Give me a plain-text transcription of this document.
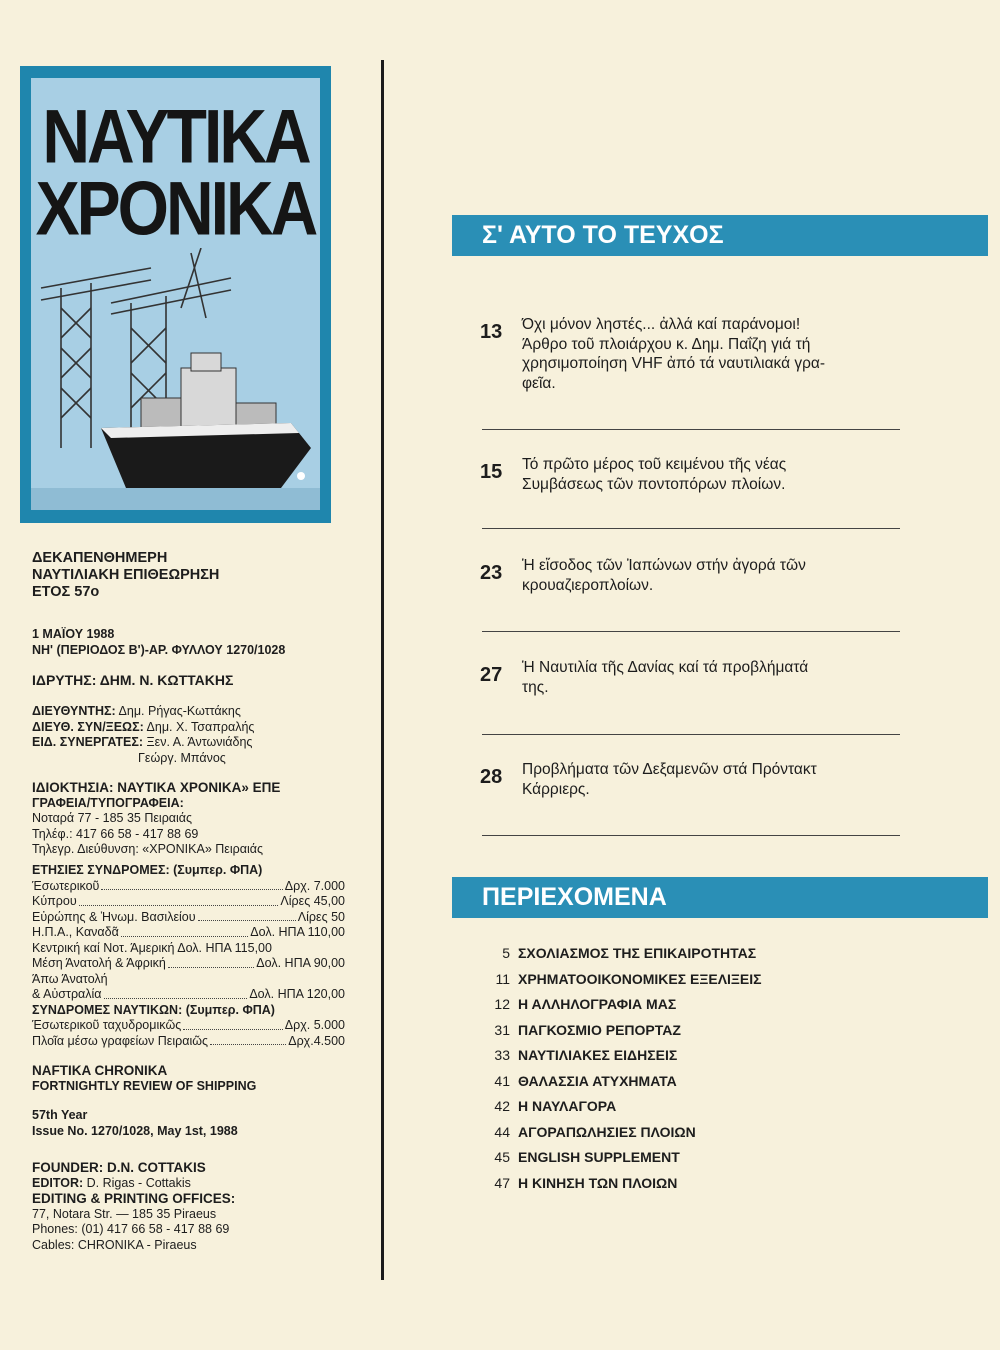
ΝΑΥΤΙΚΑ
ΧΡΟΝΙΚΑ
ΔΕΚΑΠΕΝΘΗΜΕΡΗ
ΝΑΥΤΙΛΙΑΚΗ ΕΠΙΘΕΩΡΗΣΗ
ΕΤΟΣ 57ο
1 ΜΑΪΟΥ 1988
ΝΗ' (ΠΕΡΙΟΔΟΣ Β')-ΑΡ. ΦΥΛΛΟΥ 1270/1028
ΙΔΡΥΤΗΣ: ΔΗΜ. Ν. ΚΩΤΤΑΚΗΣ
ΔΙΕΥΘΥΝΤΗΣ: Δημ. Ρήγας-Κωττάκης
ΔΙΕΥΘ. ΣΥΝ/ΞΕΩΣ: Δημ. Χ. Τσαπραλής
ΕΙΔ. ΣΥΝΕΡΓΑΤΕΣ: Ξεν. Α. Άντωνιάδης
Γεώργ. Μπάνος
ΙΔΙΟΚΤΗΣΙΑ: ΝΑΥΤΙΚΑ ΧΡΟΝΙΚΑ» ΕΠΕ
ΓΡΑΦΕΙΑ/ΤΥΠΟΓΡΑΦΕΙΑ:
Νοταρά 77 - 185 35 Πειραιάς
Τηλέφ.: 417 66 58 - 417 88 69
Τηλεγρ. Διεύθυνση: «ΧΡΟΝΙΚΑ» Πειραιάς
ΕΤΗΣΙΕΣ ΣΥΝΔΡΟΜΕΣ: (Συμπερ. ΦΠΑ)
Έσωτερικοῦ	Δρχ. 7.000
Κύπρου	Λίρες 45,00
Εὐρώπης & Ἠνωμ. Βασιλείου	Λίρες 50
Η.Π.Α., Καναδᾶ	Δολ. ΗΠΑ 110,00
Κεντρική καί Νοτ. Άμερική Δολ. ΗΠΑ 115,00
Μέση Άνατολή & Άφρική	Δολ. ΗΠΑ 90,00
Άπω Άνατολή
& Αὐστραλία	Δολ. ΗΠΑ 120,00
ΣΥΝΔΡΟΜΕΣ ΝΑΥΤΙΚΩΝ: (Συμπερ. ΦΠΑ)
Έσωτερικοῦ ταχυδρομικῶς	Δρχ. 5.000
Πλοῖα μέσω γραφείων Πειραιῶς	Δρχ.4.500
NAFTIKA CHRONIKA
FORTNIGHTLY REVIEW OF SHIPPING
57th Year
Issue No. 1270/1028, May 1st, 1988
FOUNDER: D.N. COTTAKIS
EDITOR: D. Rigas - Cottakis
EDITING & PRINTING OFFICES:
77, Notara Str. — 185 35 Piraeus
Phones: (01) 417 66 58 - 417 88 69
Cables: CHRONIKA - Piraeus
Σ' ΑΥΤΟ ΤΟ ΤΕΥΧΟΣ
13 Όχι μόνον ληστές... ἀλλά καί παράνομοι!
Άρθρο τοῦ πλοιάρχου κ. Δημ. Παΐζη γιά τή
χρησιμοποίηση VHF ἀπό τά ναυτιλιακά γρα-
φεῖα.
15 Τό πρῶτο μέρος τοῦ κειμένου τῆς νέας
Συμβάσεως τῶν ποντοπόρων πλοίων.
23 Ἡ εἴσοδος τῶν Ἰαπώνων στήν ἀγορά τῶν
κρουαζιεροπλοίων.
27 Ἡ Ναυτιλία τῆς Δανίας καί τά προβλήματά
της.
28 Προβλήματα τῶν Δεξαμενῶν στά Πρόντακτ
Κάρριερς.
ΠΕΡΙΕΧΟΜΕΝΑ
5 ΣΧΟΛΙΑΣΜΟΣ ΤΗΣ ΕΠΙΚΑΙΡΟΤΗΤΑΣ
11 ΧΡΗΜΑΤΟΟΙΚΟΝΟΜΙΚΕΣ ΕΞΕΛΙΞΕΙΣ
12 Η ΑΛΛΗΛΟΓΡΑΦΙΑ ΜΑΣ
31 ΠΑΓΚΟΣΜΙΟ ΡΕΠΟΡΤΑΖ
33 ΝΑΥΤΙΛΙΑΚΕΣ ΕΙΔΗΣΕΙΣ
41 ΘΑΛΑΣΣΙΑ ΑΤΥΧΗΜΑΤΑ
42 Η ΝΑΥΛΑΓΟΡΑ
44 ΑΓΟΡΑΠΩΛΗΣΙΕΣ ΠΛΟΙΩΝ
45 ENGLISH SUPPLEMENT
47 Η ΚΙΝΗΣΗ ΤΩΝ ΠΛΟΙΩΝ
